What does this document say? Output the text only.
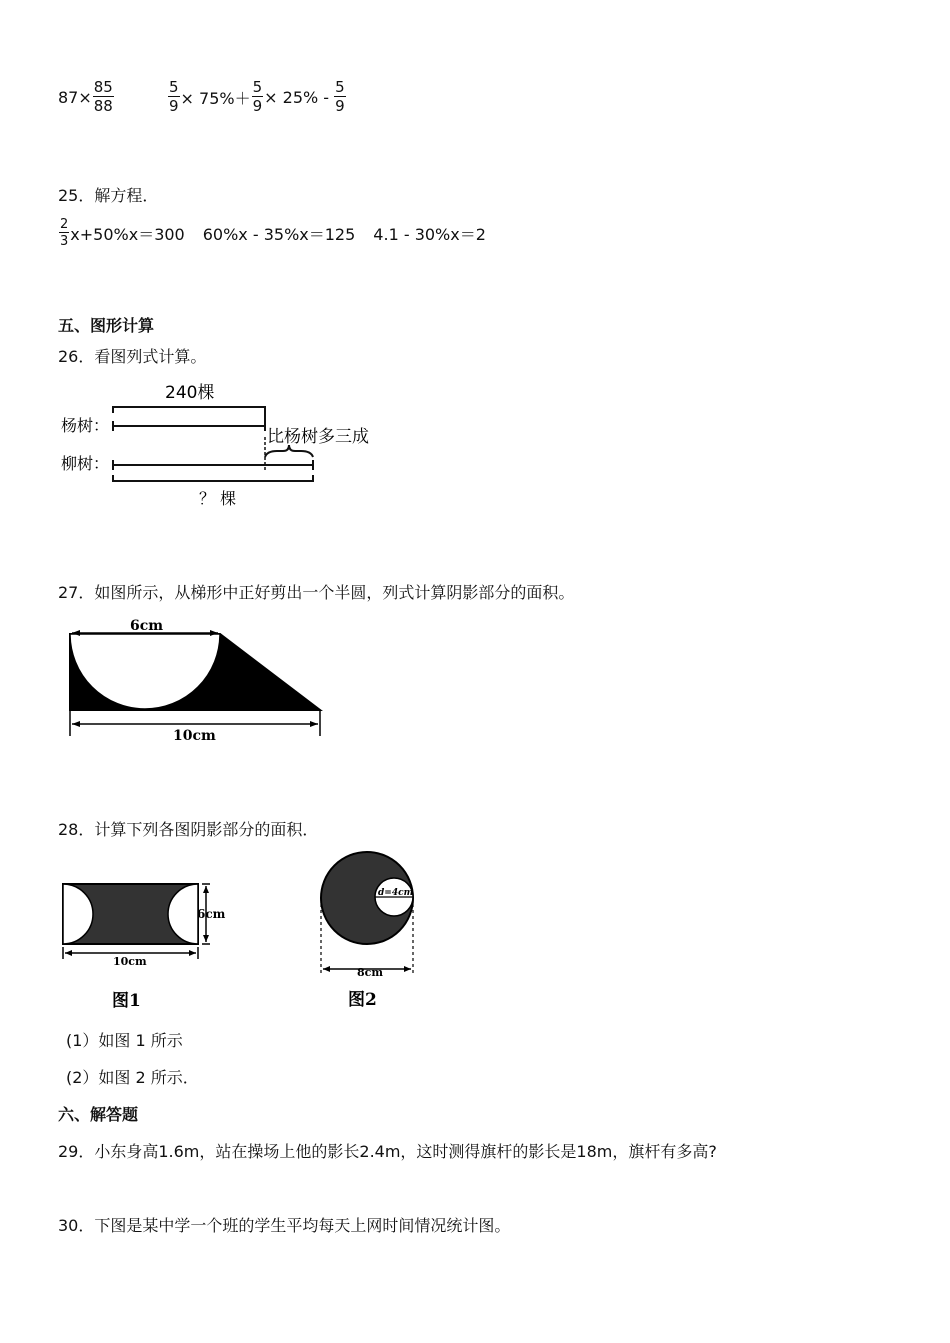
$87\times \frac{85}{88}$	$\frac{5}{9} \times 75\%+ \frac{5}{9} \times 25\% - \frac{5}{9}$
25．解方程．
$\frac{2}{3} x+50\%x=300$ 60%x - 35%x＝125 4.1 - 30%x＝2
五、图形计算
26．看图列式计算。
240棵
杨树：
柳树：
比杨树多三成
？ 棵
27．如图所示，从梯形中正好剪出一个半圆，列式计算阴影部分的面积。
6cm
10cm
28．计算下列各图阴影部分的面积．
6cm
10cm
图1
d=4cm
8cm
图2
(1）如图 1 所示
(2）如图 2 所示．
六、解答题
29．小东身高1.6m，站在操场上他的影长2.4m，这时测得旗杆的影长是18m，旗杆有多高?
30．下图是某中学一个班的学生平均每天上网时间情况统计图。
